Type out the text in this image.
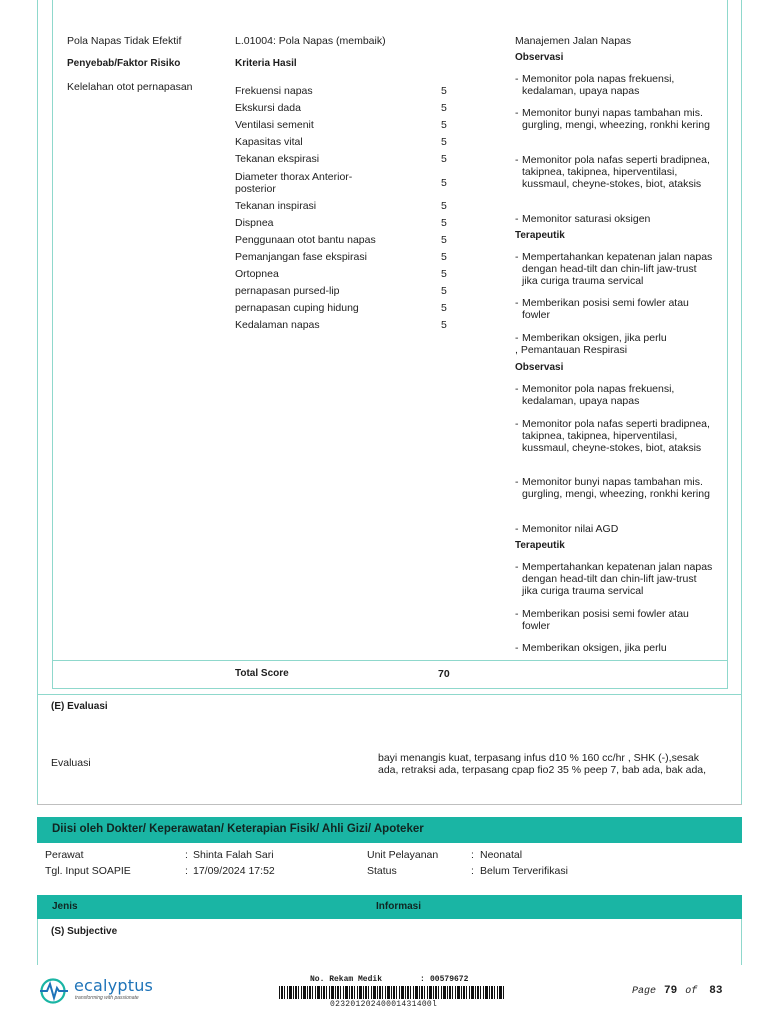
Pola Napas Tidak Efektif
Penyebab/Faktor Risiko
Kelelahan otot pernapasan
L.01004: Pola Napas (membaik)
Kriteria Hasil
Frekuensi napas	5
Ekskursi dada	5
Ventilasi semenit	5
Kapasitas vital	5
Tekanan ekspirasi	5
Diameter thorax Anterior-posterior	5
Tekanan inspirasi	5
Dispnea	5
Penggunaan otot bantu napas	5
Pemanjangan fase ekspirasi	5
Ortopnea	5
pernapasan pursed-lip	5
pernapasan cuping hidung	5
Kedalaman napas	5
Manajemen Jalan Napas
Observasi
- Memonitor pola napas frekuensi, kedalaman, upaya napas
- Memonitor bunyi napas tambahan mis. gurgling, mengi, wheezing, ronkhi kering
- Memonitor pola nafas seperti bradipnea, takipnea, takipnea, hiperventilasi, kussmaul, cheyne-stokes, biot, ataksis
- Memonitor saturasi oksigen
Terapeutik
- Mempertahankan kepatenan jalan napas dengan head-tilt dan chin-lift jaw-trust jika curiga trauma servical
- Memberikan posisi semi fowler atau fowler
- Memberikan oksigen, jika perlu
, Pemantauan Respirasi
Observasi
- Memonitor pola napas frekuensi, kedalaman, upaya napas
- Memonitor pola nafas seperti bradipnea, takipnea, takipnea, hiperventilasi, kussmaul, cheyne-stokes, biot, ataksis
- Memonitor bunyi napas tambahan mis. gurgling, mengi, wheezing, ronkhi kering
- Memonitor nilai AGD
Terapeutik
- Mempertahankan kepatenan jalan napas dengan head-tilt dan chin-lift jaw-trust jika curiga trauma servical
- Memberikan posisi semi fowler atau fowler
- Memberikan oksigen, jika perlu
Total Score	70
(E) Evaluasi
Evaluasi	bayi menangis kuat, terpasang infus d10 % 160 cc/hr , SHK (-),sesak ada, retraksi ada, terpasang cpap fio2 35 % peep 7, bab ada, bak ada,
Diisi oleh Dokter/ Keperawatan/ Keterapian Fisik/ Ahli Gizi/ Apoteker
Perawat	: Shinta Falah Sari
Tgl. Input SOAPIE	: 17/09/2024 17:52
Unit Pelayanan	: Neonatal
Status	: Belum Terverifikasi
Jenis	Informasi
(S) Subjective
ecalyptus
transforming with passionate
No. Rekam Medik	: 00579672
02320120240001431400l
Page 79 of 83
